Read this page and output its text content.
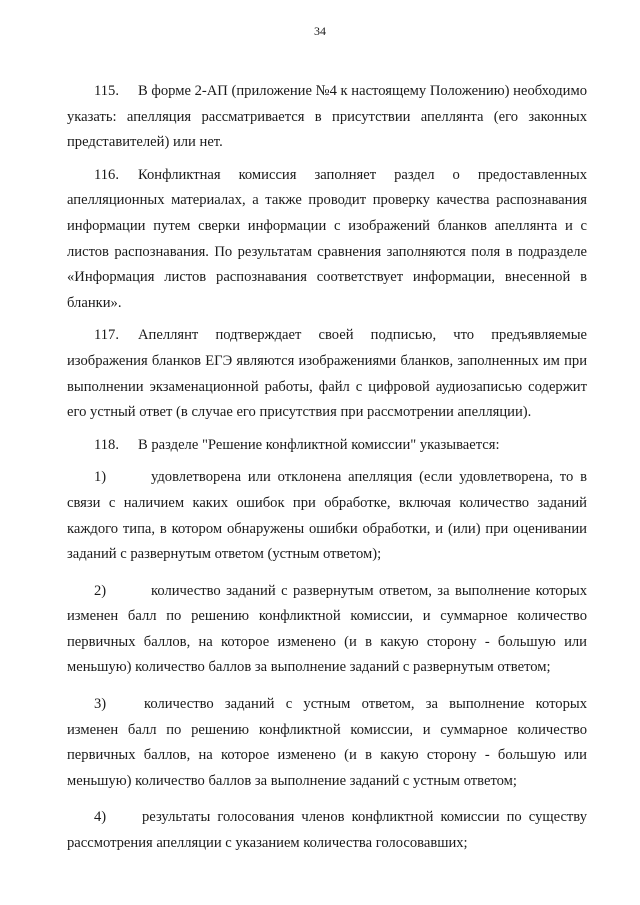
34

115. В форме 2-АП (приложение №4 к настоящему Положению) необходимо указать: апелляция рассматривается в присутствии апеллянта (его законных представителей) или нет.

116. Конфликтная комиссия заполняет раздел о предоставленных апелляционных материалах, а также проводит проверку качества распознавания информации путем сверки информации с изображений бланков апеллянта и с листов распознавания. По результатам сравнения заполняются поля в подразделе «Информация листов распознавания соответствует информации, внесенной в бланки».

117. Апеллянт подтверждает своей подписью, что предъявляемые изображения бланков ЕГЭ являются изображениями бланков, заполненных им при выполнении экзаменационной работы, файл с цифровой аудиозаписью содержит его устный ответ (в случае его присутствия при рассмотрении апелляции).

118. В разделе "Решение конфликтной комиссии" указывается:

1)	удовлетворена или отклонена апелляция (если удовлетворена, то в связи с наличием каких ошибок при обработке, включая количество заданий каждого типа, в котором обнаружены ошибки обработки, и (или) при оценивании заданий с развернутым ответом (устным ответом);

2)	количество заданий с развернутым ответом, за выполнение которых изменен балл по решению конфликтной комиссии, и суммарное количество первичных баллов, на которое изменено (и в какую сторону - большую или меньшую) количество баллов за выполнение заданий с развернутым ответом;

3)	количество заданий с устным ответом, за выполнение которых изменен балл по решению конфликтной комиссии, и суммарное количество первичных баллов, на которое изменено (и в какую сторону - большую или меньшую) количество баллов за выполнение заданий с устным ответом;

4) результаты голосования членов конфликтной комиссии по существу рассмотрения апелляции с указанием количества голосовавших;
